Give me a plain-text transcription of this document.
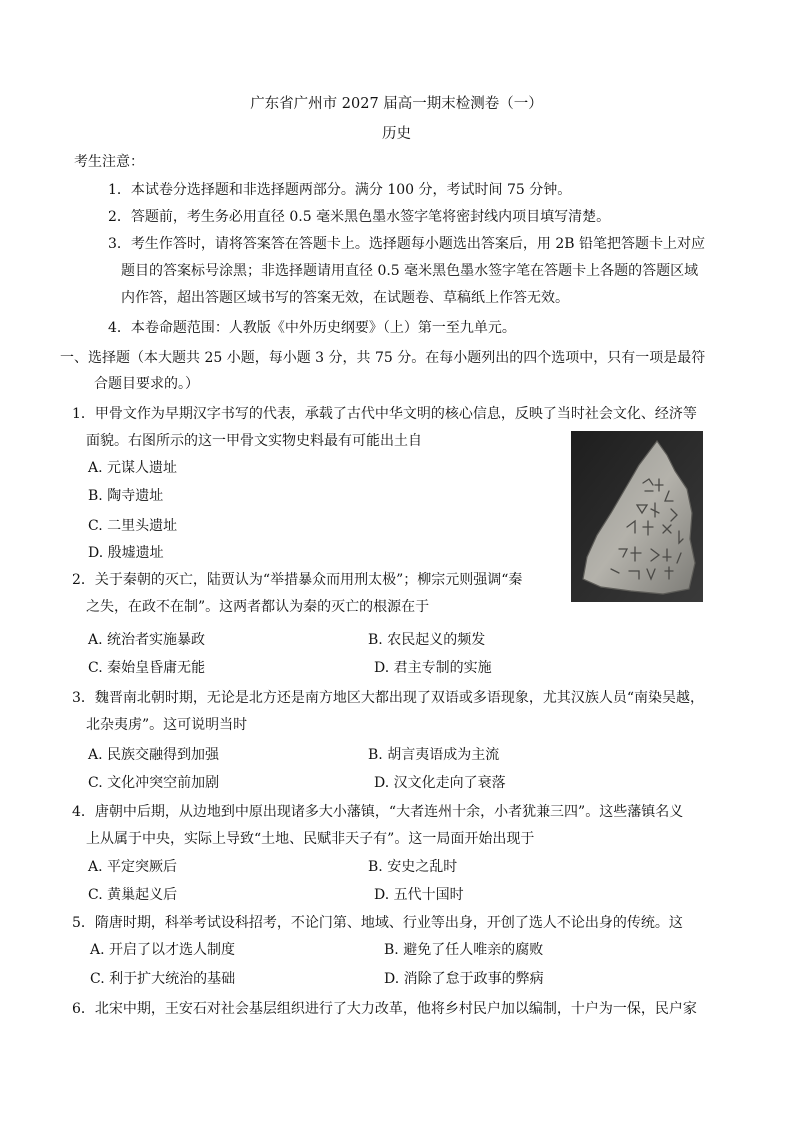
广东省广州市 2027 届高一期末检测卷（一）
历史
考生注意：
1．本试卷分选择题和非选择题两部分。满分 100 分，考试时间 75 分钟。
2．答题前，考生务必用直径 0.5 毫米黑色墨水签字笔将密封线内项目填写清楚。
3．考生作答时，请将答案答在答题卡上。选择题每小题选出答案后，用 2B 铅笔把答题卡上对应
题目的答案标号涂黑；非选择题请用直径 0.5 毫米黑色墨水签字笔在答题卡上各题的答题区域
内作答，超出答题区域书写的答案无效，在试题卷、草稿纸上作答无效。
4．本卷命题范围：人教版《中外历史纲要》（上）第一至九单元。
一、选择题（本大题共 25 小题，每小题 3 分，共 75 分。在每小题列出的四个选项中，只有一项是最符
合题目要求的。）
1．甲骨文作为早期汉字书写的代表，承载了古代中华文明的核心信息，反映了当时社会文化、经济等
面貌。右图所示的这一甲骨文实物史料最有可能出土自
A. 元谋人遗址
B. 陶寺遗址
C. 二里头遗址
D. 殷墟遗址
2．关于秦朝的灭亡，陆贾认为“举措暴众而用刑太极”；柳宗元则强调“秦
之失，在政不在制”。这两者都认为秦的灭亡的根源在于
A. 统治者实施暴政	B. 农民起义的频发
C. 秦始皇昏庸无能	D. 君主专制的实施
3．魏晋南北朝时期，无论是北方还是南方地区大都出现了双语或多语现象，尤其汉族人员“南染吴越，
北杂夷虏”。这可说明当时
A. 民族交融得到加强	B. 胡言夷语成为主流
C. 文化冲突空前加剧	D. 汉文化走向了衰落
4．唐朝中后期，从边地到中原出现诸多大小藩镇，“大者连州十余，小者犹兼三四”。这些藩镇名义
上从属于中央，实际上导致“土地、民赋非天子有”。这一局面开始出现于
A. 平定突厥后	B. 安史之乱时
C. 黄巢起义后	D. 五代十国时
5．隋唐时期，科举考试设科招考，不论门第、地域、行业等出身，开创了选人不论出身的传统。这
A. 开启了以才选人制度	B. 避免了任人唯亲的腐败
C. 利于扩大统治的基础	D. 消除了怠于政事的弊病
6．北宋中期，王安石对社会基层组织进行了大力改革，他将乡村民户加以编制，十户为一保，民户家
